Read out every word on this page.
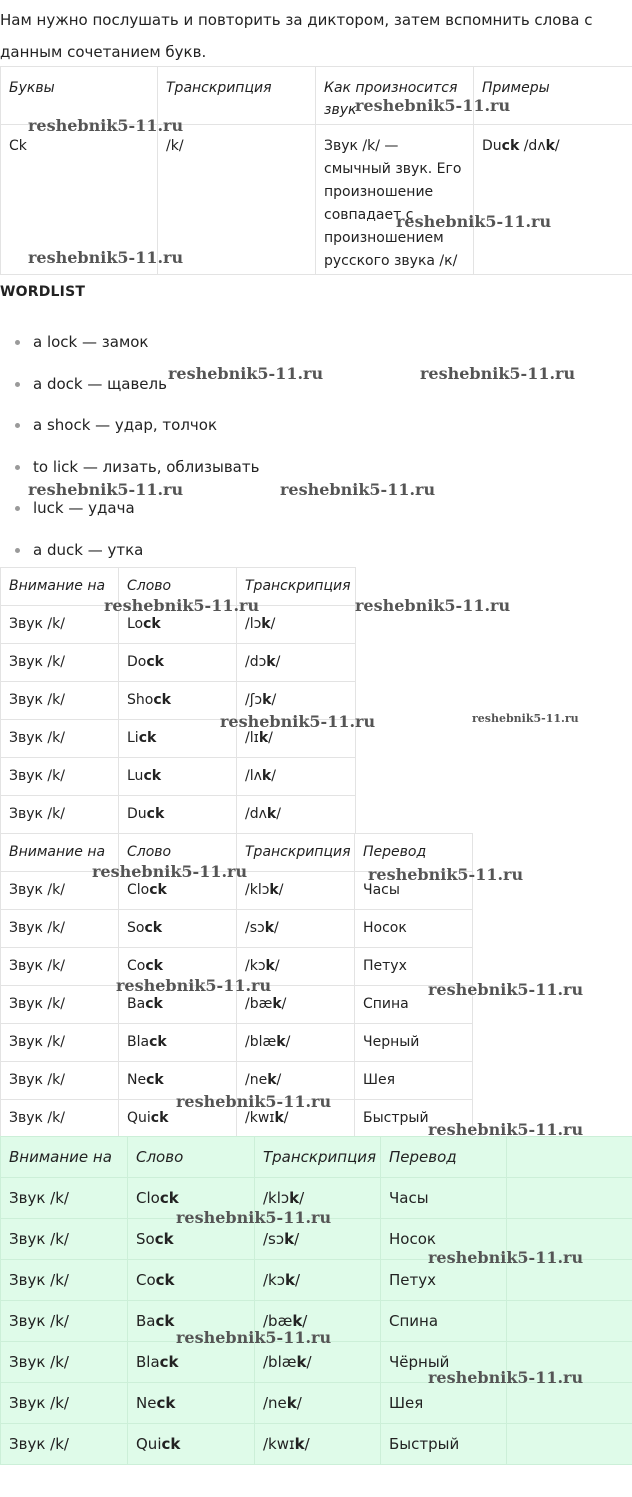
Нам нужно послушать и повторить за диктором, затем вспомнить слова с данным сочетанием букв.
Буквы	Транскрипция	Как произносится звук	Примеры
Ck	/k/	Звук /k/ — смычный звук. Его произношение совпадает с произношением русского звука /к/	Duck /dʌk/
WORDLIST
a lock — замок
a dock — щавель
a shock — удар, толчок
to lick — лизать, облизывать
luck — удача
a duck — утка
Внимание на	Слово	Транскрипция
Звук /k/	Lock	/lɔk/
Звук /k/	Dock	/dɔk/
Звук /k/	Shock	/ʃɔk/
Звук /k/	Lick	/lɪk/
Звук /k/	Luck	/lʌk/
Звук /k/	Duck	/dʌk/
Внимание на	Слово	Транскрипция	Перевод
Звук /k/	Clock	/klɔk/	Часы
Звук /k/	Sock	/sɔk/	Носок
Звук /k/	Cock	/kɔk/	Петух
Звук /k/	Back	/bæk/	Спина
Звук /k/	Black	/blæk/	Черный
Звук /k/	Neck	/nek/	Шея
Звук /k/	Quick	/kwɪk/	Быстрый
Внимание на	Слово	Транскрипция	Перевод	
Звук /k/	Clock	/klɔk/	Часы	
Звук /k/	Sock	/sɔk/	Носок	
Звук /k/	Cock	/kɔk/	Петух	
Звук /k/	Back	/bæk/	Спина	
Звук /k/	Black	/blæk/	Чёрный	
Звук /k/	Neck	/nek/	Шея	
Звук /k/	Quick	/kwɪk/	Быстрый	
reshebnik5-11.ru
reshebnik5-11.ru
reshebnik5-11.ru
reshebnik5-11.ru
reshebnik5-11.ru	reshebnik5-11.ru
reshebnik5-11.ru	reshebnik5-11.ru
reshebnik5-11.ru	reshebnik5-11.ru
reshebnik5-11.ru	reshebnik5-11.ru
reshebnik5-11.ru	reshebnik5-11.ru
reshebnik5-11.ru	reshebnik5-11.ru
reshebnik5-11.ru
reshebnik5-11.ru
reshebnik5-11.ru
reshebnik5-11.ru
reshebnik5-11.ru
reshebnik5-11.ru
